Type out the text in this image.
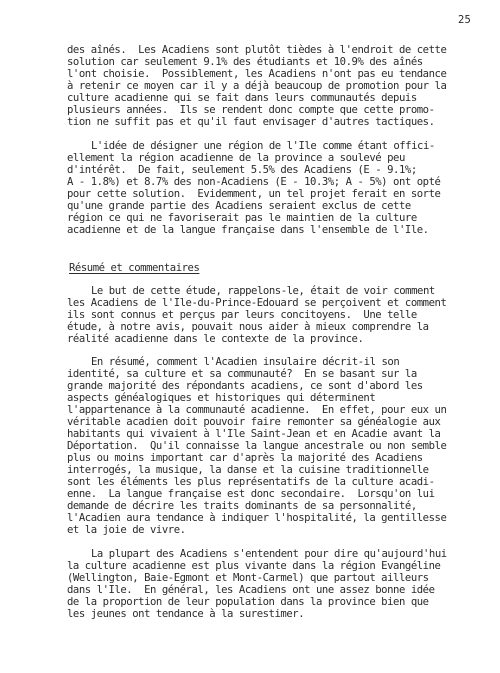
25
Résumé et commentaires
des aînés.  Les Acadiens sont plutôt tièdes à l'endroit de cette
solution car seulement 9.1% des étudiants et 10.9% des aînés
l'ont choisie.  Possiblement, les Acadiens n'ont pas eu tendance
à retenir ce moyen car il y a déjà beaucoup de promotion pour la
culture acadienne qui se fait dans leurs communautés depuis
plusieurs années.  Ils se rendent donc compte que cette promo-
tion ne suffit pas et qu'il faut envisager d'autres tactiques.
L'idée de désigner une région de l'Ile comme étant offici-
ellement la région acadienne de la province a soulevé peu
d'intérêt.  De fait, seulement 5.5% des Acadiens (E - 9.1%;
A - 1.8%) et 8.7% des non-Acadiens (E - 10.3%; A - 5%) ont opté
pour cette solution.  Evidemment, un tel projet ferait en sorte
qu'une grande partie des Acadiens seraient exclus de cette
région ce qui ne favoriserait pas le maintien de la culture
acadienne et de la langue française dans l'ensemble de l'Ile.
Le but de cette étude, rappelons-le, était de voir comment
les Acadiens de l'Ile-du-Prince-Edouard se perçoivent et comment
ils sont connus et perçus par leurs concitoyens.  Une telle
étude, à notre avis, pouvait nous aider à mieux comprendre la
réalité acadienne dans le contexte de la province.
En résumé, comment l'Acadien insulaire décrit-il son
identité, sa culture et sa communauté?  En se basant sur la
grande majorité des répondants acadiens, ce sont d'abord les
aspects généalogiques et historiques qui déterminent
l'appartenance à la communauté acadienne.  En effet, pour eux un
véritable acadien doit pouvoir faire remonter sa généalogie aux
habitants qui vivaient à l'Ile Saint-Jean et en Acadie avant la
Déportation.  Qu'il connaisse la langue ancestrale ou non semble
plus ou moins important car d'après la majorité des Acadiens
interrogés, la musique, la danse et la cuisine traditionnelle
sont les éléments les plus représentatifs de la culture acadi-
enne.  La langue française est donc secondaire.  Lorsqu'on lui
demande de décrire les traits dominants de sa personnalité,
l'Acadien aura tendance à indiquer l'hospitalité, la gentillesse
et la joie de vivre.
La plupart des Acadiens s'entendent pour dire qu'aujourd'hui
la culture acadienne est plus vivante dans la région Evangéline
(Wellington, Baie-Egmont et Mont-Carmel) que partout ailleurs
dans l'Ile.  En général, les Acadiens ont une assez bonne idée
de la proportion de leur population dans la province bien que
les jeunes ont tendance à la surestimer.
